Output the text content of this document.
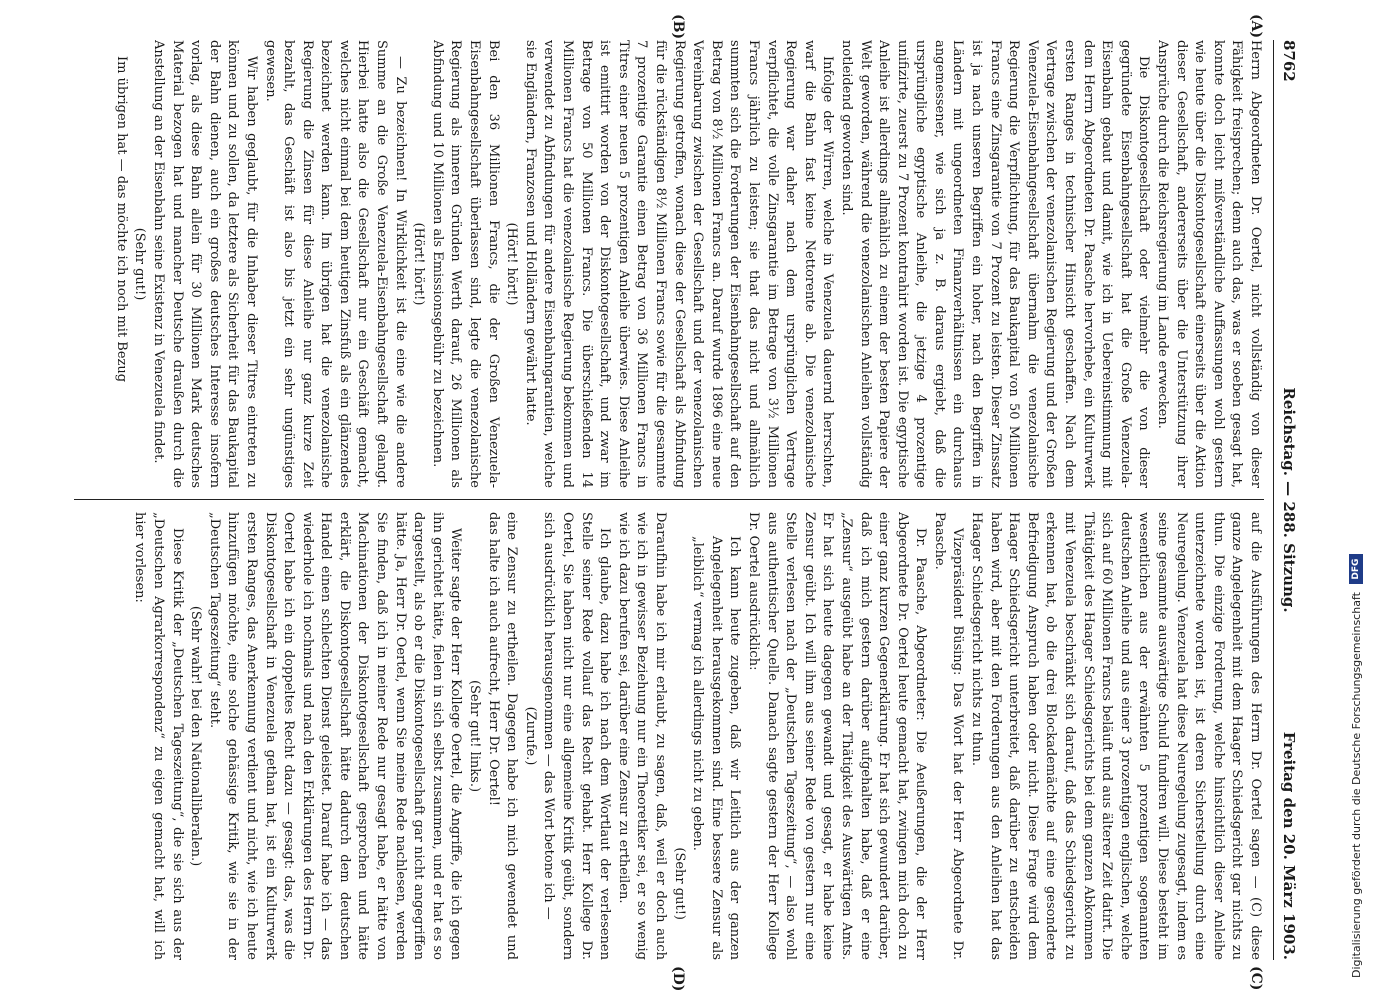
8762
Reichstag. — 288. Sitzung.
Freitag den 20. März 1903.
(A)
(B)
(C)
(D)

Herrn Abgeordneten Dr. Oertel, nicht vollständig von dieser Fähigkeit freisprechen; denn auch das, was er soeben gesagt hat, konnte doch leicht mißverständliche Auffassungen wohl gestern wie heute über die Diskontogesellschaft einerseits über die Aktion dieser Gesellschaft, andererseits über die Unterstützung ihrer Ansprüche durch die Reichsregierung im Lande erwecken.

Die Diskontogesellschaft oder vielmehr die von dieser gegründete Eisenbahngesellschaft hat die Große Venezuela-Eisenbahn gebaut und damit, wie ich in Uebereinstimmung mit dem Herrn Abgeordneten Dr. Paasche hervorhebe, ein Kulturwerk ersten Ranges in technischer Hinsicht geschaffen. Nach dem Vertrage zwischen der venezolanischen Regierung und der Großen Venezuela-Eisenbahngesellschaft übernahm die venezolanische Regierung die Verpflichtung, für das Baukapital von 50 Millionen Francs eine Zinsgarantie von 7 Prozent zu leisten. Dieser Zinssatz ist ja nach unseren Begriffen ein hoher, nach den Begriffen in Ländern mit ungeordneten Finanzverhältnissen ein durchaus angemessener, wie sich ja z. B. daraus ergiebt, daß die ursprüngliche egyptische Anleihe, die jetzige 4 prozentige unifizirte, zuerst zu 7 Prozent kontrahirt worden ist. Die egyptische Anleihe ist allerdings allmählich zu einem der besten Papiere der Welt geworden, während die venezolanischen Anleihen vollständig notleidend geworden sind.

Infolge der Wirren, welche in Venezuela dauernd herrschten, warf die Bahn fast keine Nettorente ab. Die venezolanische Regierung war daher nach dem ursprünglichen Vertrage verpflichtet, die volle Zinsgarantie im Betrage von 3½ Millionen Francs jährlich zu leisten; sie that das nicht und allmählich summten sich die Forderungen der Eisenbahngesellschaft auf den Betrag von 8½ Millionen Francs an. Darauf wurde 1896 eine neue Vereinbarung zwischen der Gesellschaft und der venezolanischen Regierung getroffen, wonach diese der Gesellschaft als Abfindung für die rückständigen 8½ Millionen Francs sowie für die gesammte 7 prozentige Garantie einen Betrag von 36 Millionen Francs in Titres einer neuen 5 prozentigen Anleihe überwies. Diese Anleihe ist emittirt worden von der Diskontogesellschaft, und zwar im Betrage von 50 Millionen Francs. Die überschießenden 14 Millionen Francs hat die venezolanische Regierung bekommen und verwendet zu Abfindungen für andere Eisenbahngarantien, welche sie Engländern, Franzosen und Holländern gewährt hatte.

(Hört! hört!)

Bei den 36 Millionen Francs, die der Großen Venezuela-Eisenbahngesellschaft überlassen sind, legte die venezolanische Regierung als inneren Gründen Werth darauf, 26 Millionen als Abfindung und 10 Millionen als Emissionsgebühr zu bezeichnen.

(Hört! hört!)

— Zu bezeichnen! In Wirklichkeit ist die eine wie die andere Summe an die Große Venezuela-Eisenbahngesellschaft gelangt. Hierbei hatte also die Gesellschaft nur ein Geschäft gemacht, welches nicht einmal bei dem heutigen Zinsfuß als ein glänzendes bezeichnet werden kann. Im übrigen hat die venezolanische Regierung die Zinsen für diese Anleihe nur ganz kurze Zeit bezahlt, das Geschäft ist also bis jetzt ein sehr ungünstiges gewesen.

Wir haben geglaubt, für die Inhaber dieser Titres eintreten zu können und zu sollen, da letztere als Sicherheit für das Baukapital der Bahn dienen, auch ein großes deutsches Interesse insofern vorlag, als diese Bahn allein für 30 Millionen Mark deutsches Material bezogen hat und mancher Deutsche draußen durch die Anstellung an der Eisenbahn seine Existenz in Venezuela findet.

(Sehr gut!)

Im übrigen hat — das möchte ich noch mit Bezug

auf die Ausführungen des Herrn Dr. Oertel sagen — (C) diese ganze Angelegenheit mit dem Haager Schiedsgericht gar nichts zu thun. Die einzige Forderung, welche hinsichtlich dieser Anleihe unterzeichnete worden ist, ist deren Sicherstellung durch eine Neuregelung. Venezuela hat diese Neuregelung zugesagt, indem es seine gesammte auswärtige Schuld fundiren will. Diese besteht im wesentlichen aus der erwähnten 5 prozentigen sogenannten deutschen Anleihe und aus einer 3 prozentigen englischen, welche sich auf 60 Millionen Francs beläuft und aus älterer Zeit datirt. Die Thätigkeit des Haager Schiedsgerichts bei dem ganzen Abkommen mit Venezuela beschränkt sich darauf, daß das Schiedsgericht zu erkennen hat, ob die drei Blockademächte auf eine gesonderte Befriedigung Anspruch haben oder nicht. Diese Frage wird dem Haager Schiedsgericht unterbreitet, daß darüber zu entscheiden haben wird, aber mit den Forderungen aus den Anleihen hat das Haager Schiedsgericht nichts zu thun.

Vizepräsident Büsing: Das Wort hat der Herr Abgeordnete Dr. Paasche.

Dr. Paasche, Abgeordneter: Die Aeußerungen, die der Herr Abgeordnete Dr. Oertel heute gemacht hat, zwingen mich doch zu einer ganz kurzen Gegenerklärung. Er hat sich gewundert darüber, daß ich mich gestern darüber aufgehalten habe, daß er eine „Zensur“ ausgeübt habe an der Thätigkeit des Auswärtigen Amts. Er hat sich heute dagegen gewandt und gesagt, er habe keine Zensur geübt. Ich will ihm aus seiner Rede von gestern nur eine Stelle verlesen nach der „Deutschen Tageszeitung“, — also wohl aus authentischer Quelle. Danach sagte gestern der Herr Kollege Dr. Oertel ausdrücklich:

Ich kann heute zugeben, daß wir Leitlich aus der ganzen Angelegenheit herausgekommen sind. Eine bessere Zensur als „leiblich“ vermag ich allerdings nicht zu geben.

(Sehr gut!)

Daraufhin habe ich mir erlaubt, zu sagen, daß, weil er doch auch wie ich in gewisser Beziehung nur ein Theoretiker sei, er so wenig wie ich dazu berufen sei, darüber eine Zensur zu ertheilen.

Ich glaube, dazu habe ich nach dem Wortlaut der verlesenen Stelle seiner Rede vollauf das Recht gehabt. Herr Kollege Dr. Oertel, Sie haben nicht nur eine allgemeine Kritik geübt, sondern sich ausdrücklich herausgenommen — das Wort betone ich —

(Zurufe.)

eine Zensur zu ertheilen. Dagegen habe ich mich gewendet und das halte ich auch aufrecht, Herr Dr. Oertel!

(Sehr gut! links.)

Weiter sagte der Herr Kollege Oertel, die Angriffe, die ich gegen ihn gerichtet hätte, fielen in sich selbst zusammen, und er hat es so dargestellt, als ob er die Diskontogesellschaft gar nicht angegriffen hätte. Ja, Herr Dr. Oertel, wenn Sie meine Rede nachlesen, werden Sie finden, daß ich in meiner Rede nur gesagt habe, er hätte von Machinationen der Diskontogesellschaft gesprochen und hätte erklärt, die Diskontogesellschaft hätte dadurch dem deutschen Handel einen schlechten Dienst geleistet. Darauf habe ich — das wiederhole ich nochmals und nach den Erklärungen des Herrn Dr. Oertel habe ich ein doppeltes Recht dazu — gesagt: das, was die Diskontogesellschaft in Venezuela gethan hat, ist ein Kulturwerk ersten Ranges, das Anerkennung verdient und nicht, wie ich heute hinzufügen möchte, eine solche gehässige Kritik, wie sie in der „Deutschen Tageszeitung“ steht.

(Sehr wahr! bei den Nationalliberalen.)

Diese Kritik der „Deutschen Tageszeitung“, die sie sich aus der „Deutschen Agrarkorrespondenz“ zu eigen gemacht hat, will ich hier vorlesen:

Digitalisierung gefördert durch die Deutsche Forschungsgemeinschaft
DFG
